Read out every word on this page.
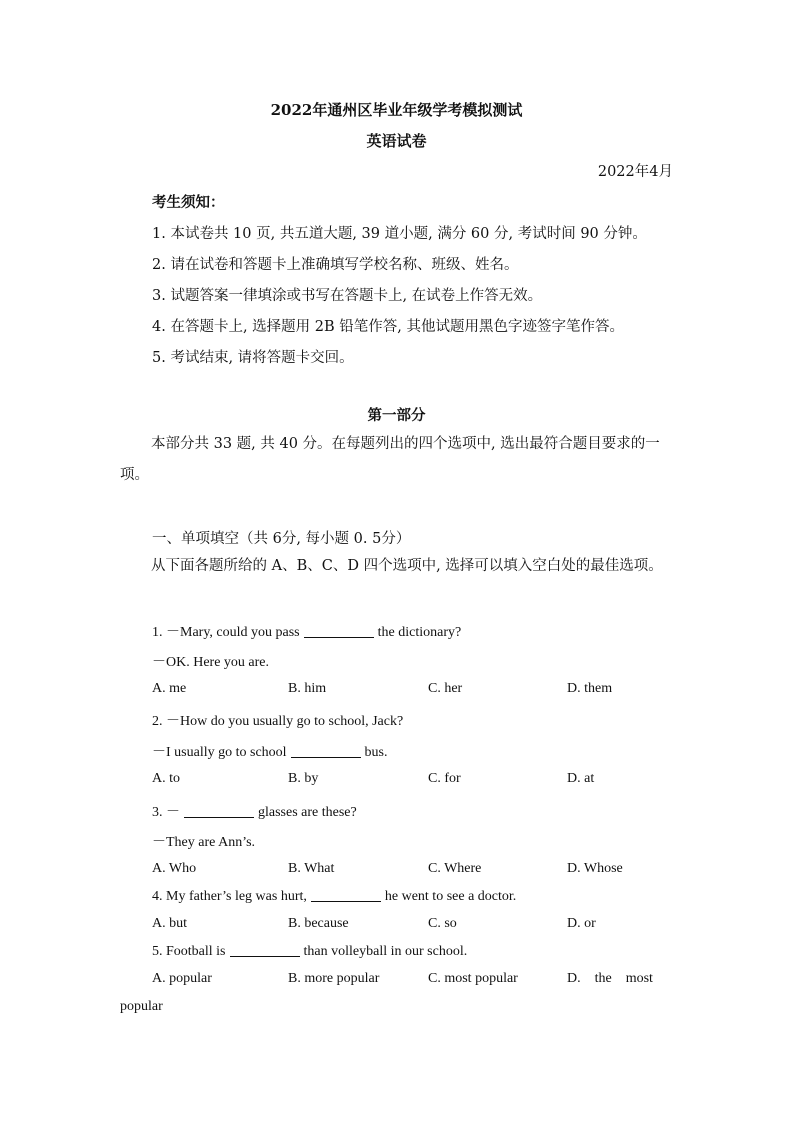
2022年通州区毕业年级学考模拟测试
英语试卷
2022年4月
考生须知：
1. 本试卷共 10 页, 共五道大题, 39 道小题, 满分 60 分, 考试时间 90 分钟。
2. 请在试卷和答题卡上准确填写学校名称、班级、姓名。
3. 试题答案一律填涂或书写在答题卡上, 在试卷上作答无效。
4. 在答题卡上, 选择题用 2B 铅笔作答, 其他试题用黑色字迹签字笔作答。
5. 考试结束, 请将答题卡交回。
第一部分
本部分共 33 题, 共 40 分。在每题列出的四个选项中, 选出最符合题目要求的一项。
一、单项填空（共 6分, 每小题 0. 5分）
从下面各题所给的 A、B、C、D 四个选项中, 选择可以填入空白处的最佳选项。
1. －Mary, could you pass	the dictionary?
－OK. Here you are.
A. me	B. him	C. her	D. them
2. －How do you usually go to school, Jack?
－I usually go to school	bus.
A. to	B. by	C. for	D. at
3. －	glasses are these?
－They are Ann’s.
A. Who	B. What	C. Where	D. Whose
4. My father’s leg was hurt,	he went to see a doctor.
A. but	B. because	C. so	D. or
5. Football is	than volleyball in our school.
A. popular	B. more popular	C. most popular	D.    the    most
popular
